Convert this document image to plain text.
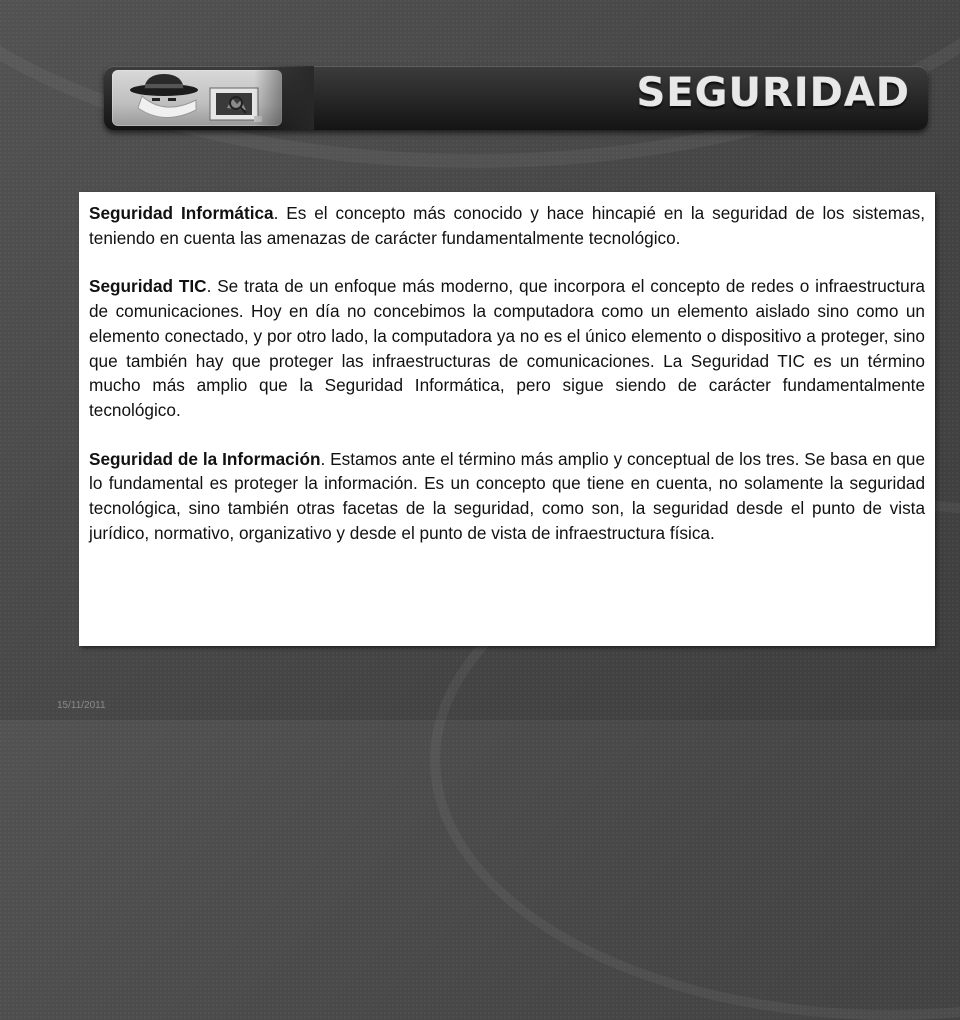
SEGURIDAD

Seguridad Informática. Es el concepto más conocido y hace hincapié en la seguridad de los sistemas, teniendo en cuenta las amenazas de carácter fundamentalmente tecnológico.

Seguridad TIC. Se trata de un enfoque más moderno, que incorpora el concepto de redes o infraestructura de comunicaciones. Hoy en día no concebimos la computadora como un elemento aislado sino como un elemento conectado, y por otro lado, la computadora ya no es el único elemento o dispositivo a proteger, sino que también hay que proteger las infraestructuras de comunicaciones. La Seguridad TIC es un término mucho más amplio que la Seguridad Informática, pero sigue siendo de carácter fundamentalmente tecnológico.

Seguridad de la Información. Estamos ante el término más amplio y conceptual de los tres. Se basa en que lo fundamental es proteger la información. Es un concepto que tiene en cuenta, no solamente la seguridad tecnológica, sino también otras facetas de la seguridad, como son, la seguridad desde el punto de vista jurídico, normativo, organizativo y desde el punto de vista de infraestructura física.

15/11/2011
